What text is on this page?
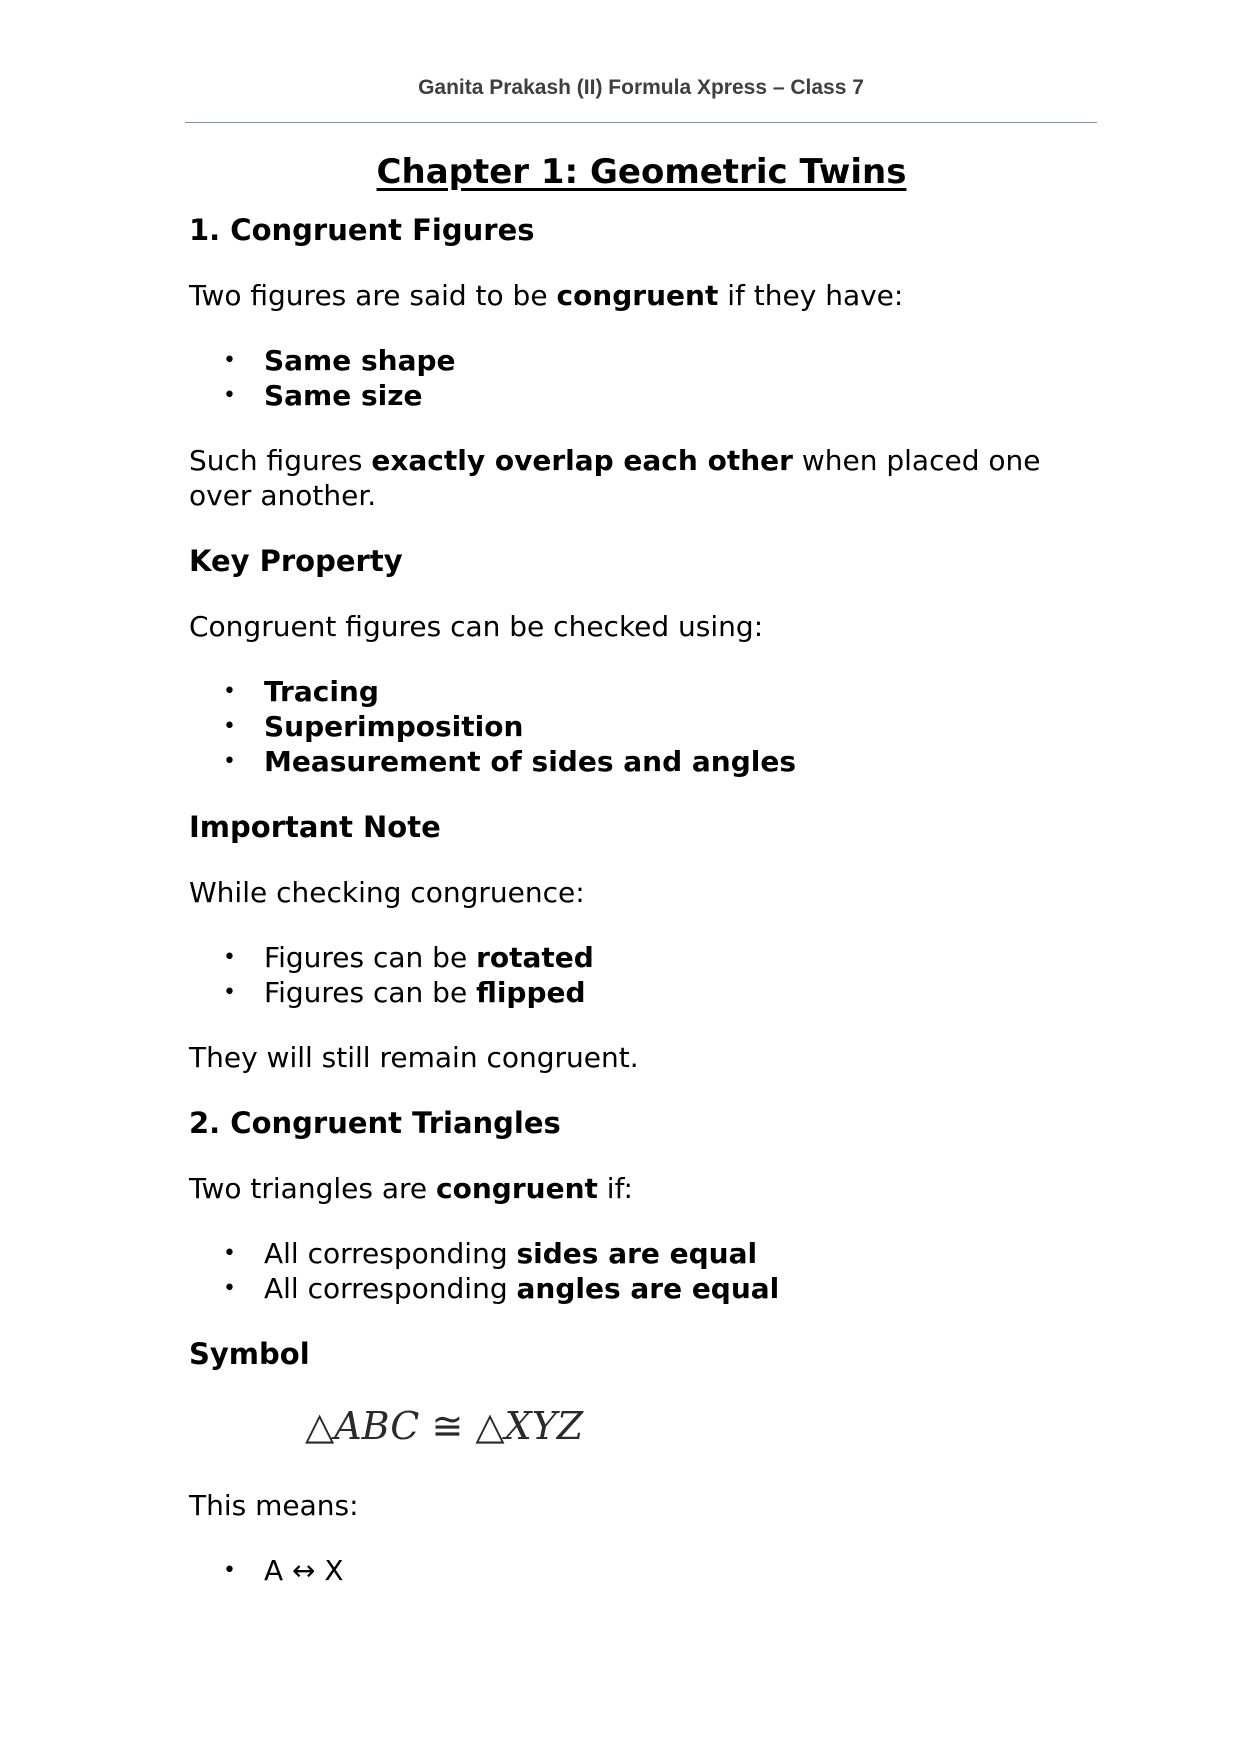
Ganita Prakash (II) Formula Xpress – Class 7
Chapter 1: Geometric Twins
1. Congruent Figures

Two figures are said to be congruent if they have:

• Same shape
• Same size

Such figures exactly overlap each other when placed one over another.

Key Property

Congruent figures can be checked using:

• Tracing
• Superimposition
• Measurement of sides and angles
Important Note

While checking congruence:

• Figures can be rotated
• Figures can be flipped

They will still remain congruent.

2. Congruent Triangles

Two triangles are congruent if:

• All corresponding sides are equal
• All corresponding angles are equal
Symbol
△ABC ≅ △XYZ

This means:

• A ↔ X
